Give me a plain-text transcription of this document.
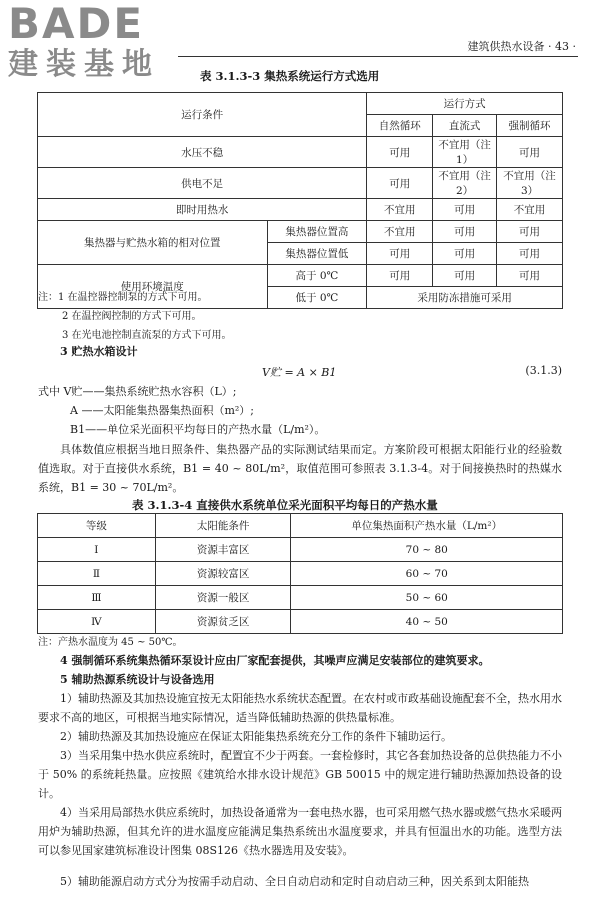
BADE
建装基地
建筑供热水设备 · 43 ·
表 3.1.3-3 集热系统运行方式选用
运行条件		运行方式		
		自然循环	直流式	强制循环
水压不稳		可用	不宜用（注 1）	可用
供电不足		可用	不宜用（注 2）	不宜用（注 3）
即时用热水		不宜用	可用	不宜用
集热器与贮热水箱的相对位置	集热器位置高	不宜用	可用	可用
	集热器位置低	可用	可用	可用
使用环境温度	高于 0℃	可用	可用	可用
	低于 0℃	采用防冻措施可采用		
注：1 在温控器控制泵的方式下可用。
2 在温控阀控制的方式下可用。
3 在光电池控制直流泵的方式下可用。
3 贮热水箱设计
V贮 = A × B1	(3.1.3)
式中 V贮——集热系统贮热水容积（L）;
A ——太阳能集热器集热面积（m²）;
B1——单位采光面积平均每日的产热水量（L/m²）。
具体数值应根据当地日照条件、集热器产品的实际测试结果而定。方案阶段可根据太阳能行业的经验数值选取。对于直接供水系统，B1 = 40 ~ 80L/m²，取值范围可参照表 3.1.3-4。对于间接换热时的热媒水系统，B1 = 30 ~ 70L/m²。
表 3.1.3-4 直接供水系统单位采光面积平均每日的产热水量
等级	太阳能条件	单位集热面积产热水量（L/m²）
Ⅰ	资源丰富区	70 ~ 80
Ⅱ	资源较富区	60 ~ 70
Ⅲ	资源一般区	50 ~ 60
Ⅳ	资源贫乏区	40 ~ 50
注：产热水温度为 45 ~ 50℃。
4 强制循环系统集热循环泵设计应由厂家配套提供，其噪声应满足安装部位的建筑要求。
5 辅助热源系统设计与设备选用
1）辅助热源及其加热设施宜按无太阳能热水系统状态配置。在农村或市政基础设施配套不全，热水用水要求不高的地区，可根据当地实际情况，适当降低辅助热源的供热量标准。
2）辅助热源及其加热设施应在保证太阳能集热系统充分工作的条件下辅助运行。
3）当采用集中热水供应系统时，配置宜不少于两套。一套检修时，其它各套加热设备的总供热能力不小于 50% 的系统耗热量。应按照《建筑给水排水设计规范》GB 50015 中的规定进行辅助热源加热设备的设计。
4）当采用局部热水供应系统时，加热设备通常为一套电热水器，也可采用燃气热水器或燃气热水采暖两用炉为辅助热源，但其允许的进水温度应能满足集热系统出水温度要求，并具有恒温出水的功能。选型方法可以参见国家建筑标准设计图集 08S126《热水器选用及安装》。
5）辅助能源启动方式分为按需手动启动、全日自动启动和定时自动启动三种，因关系到太阳能热
